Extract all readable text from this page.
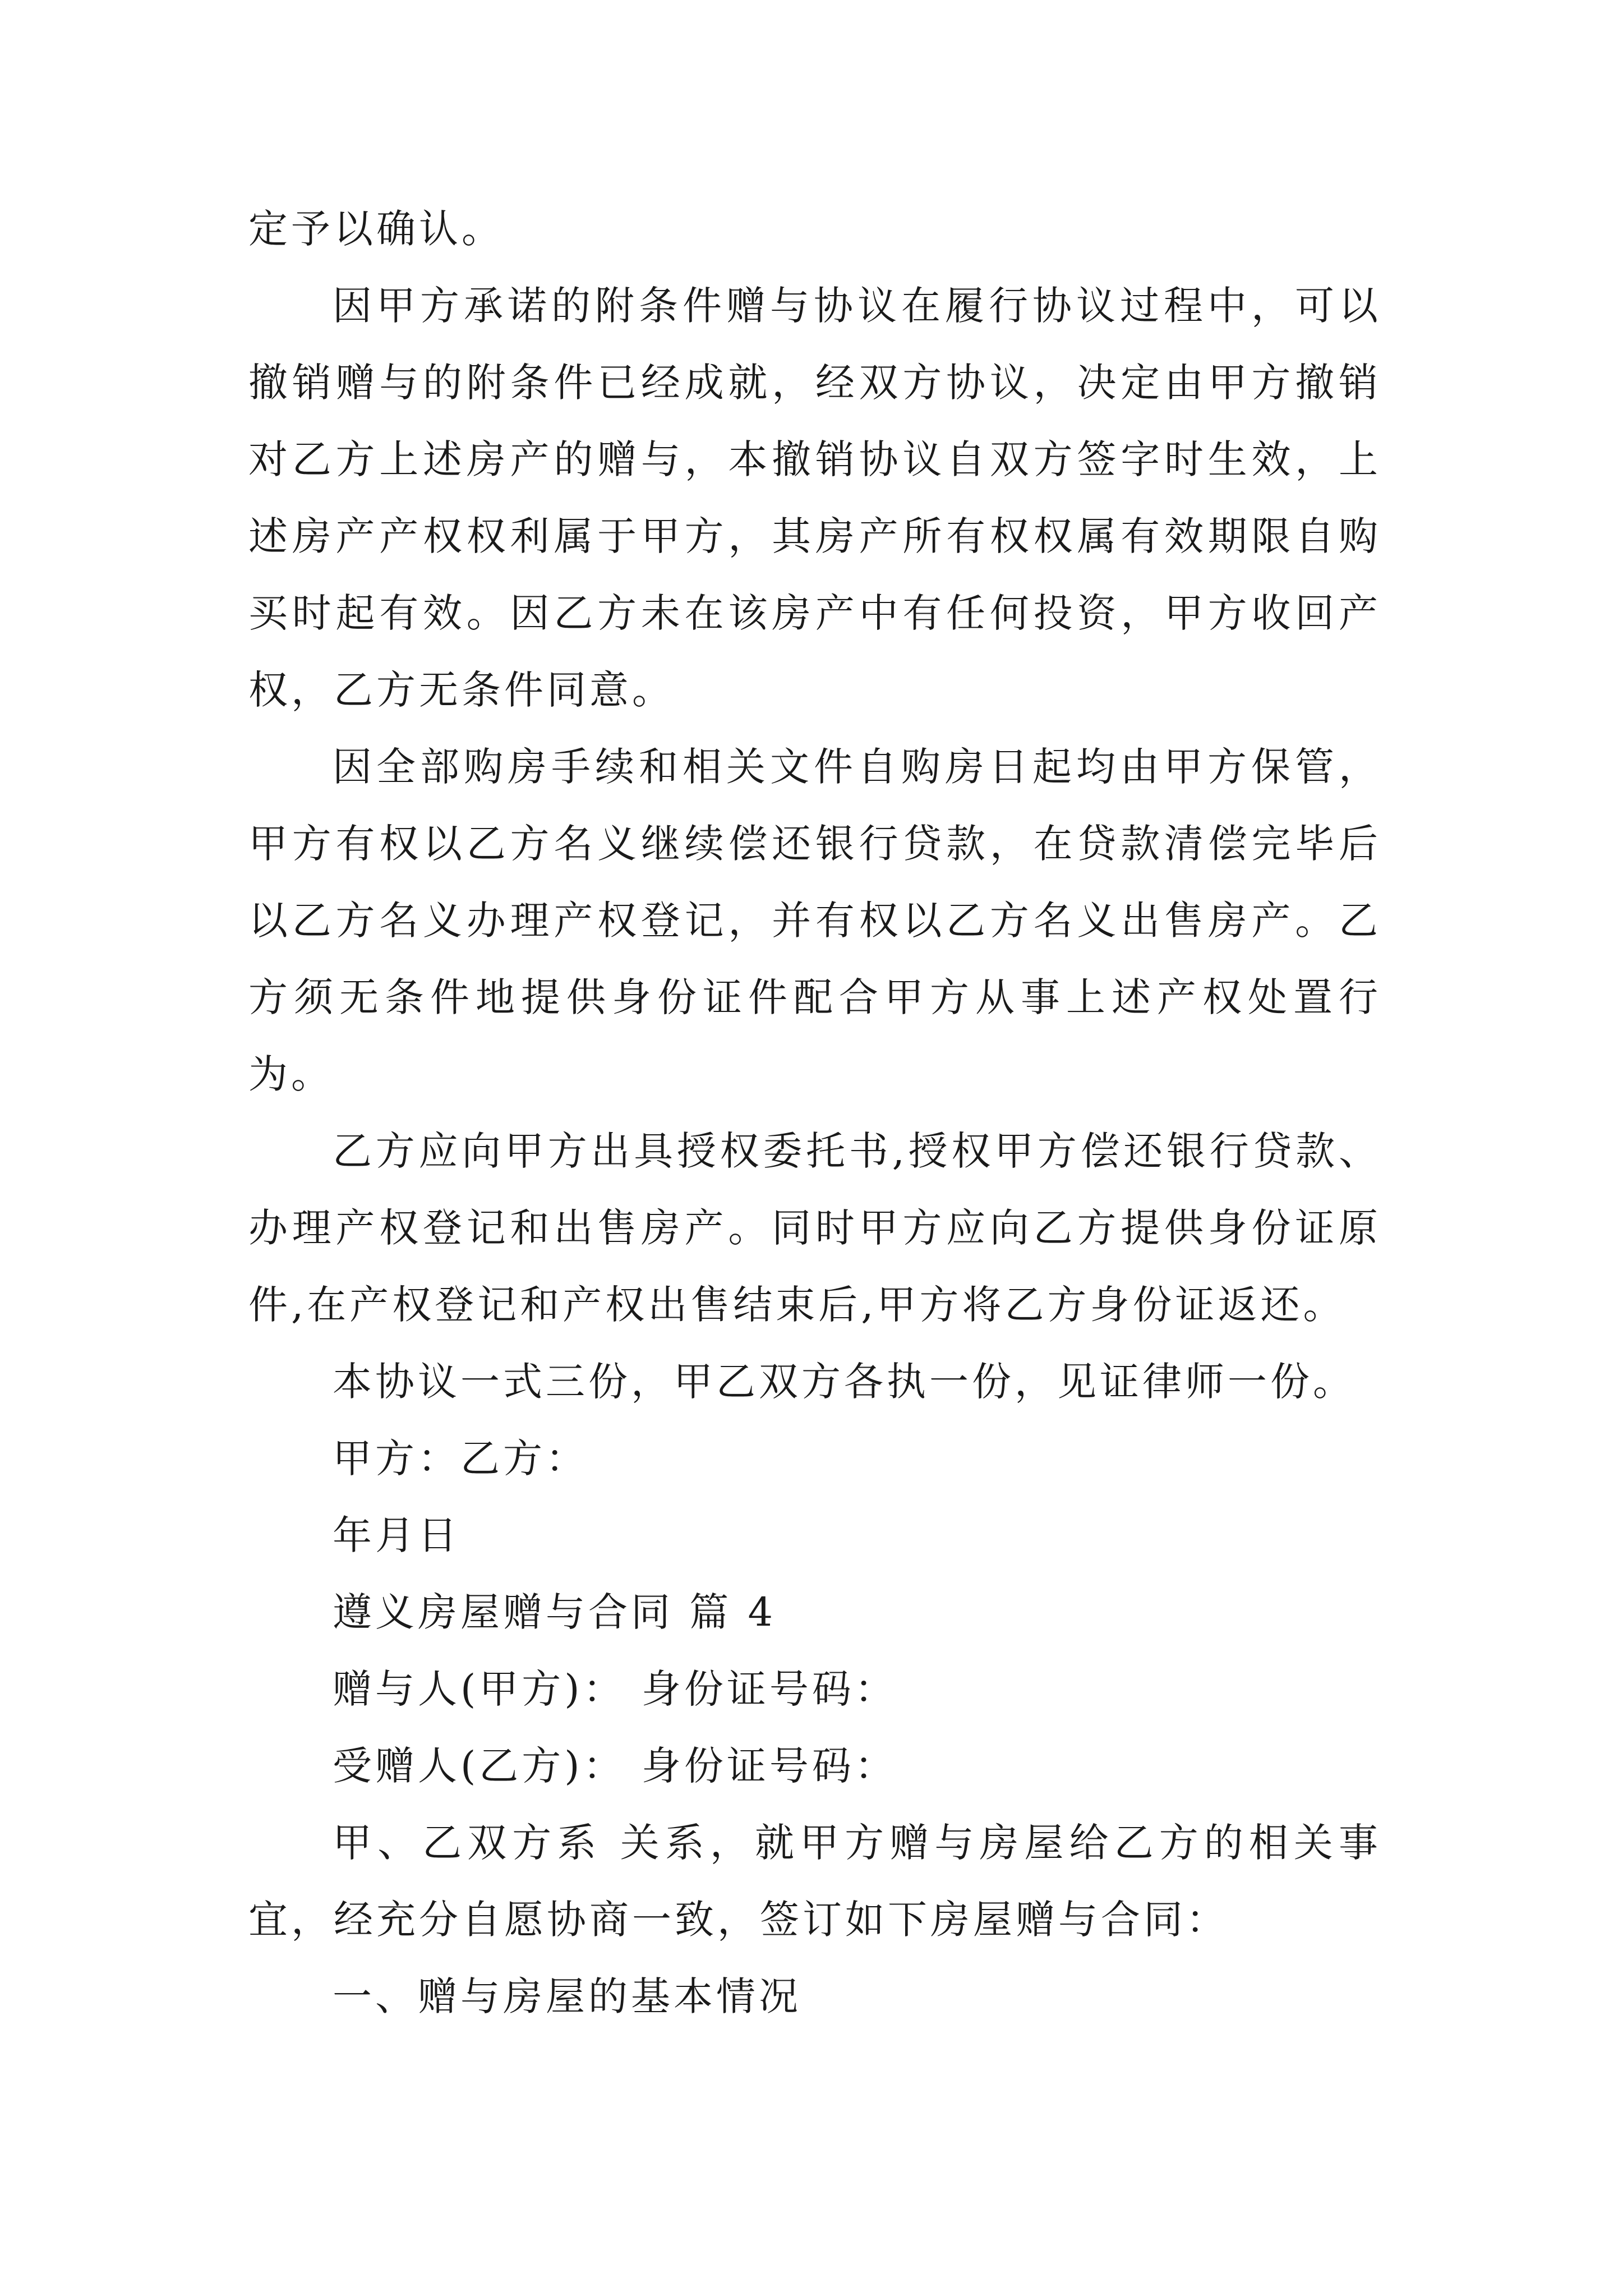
定予以确认。

因甲方承诺的附条件赠与协议在履行协议过程中，可以撤销赠与的附条件已经成就，经双方协议，决定由甲方撤销对乙方上述房产的赠与，本撤销协议自双方签字时生效，上述房产产权权利属于甲方，其房产所有权权属有效期限自购买时起有效。因乙方未在该房产中有任何投资，甲方收回产权，乙方无条件同意。

因全部购房手续和相关文件自购房日起均由甲方保管，甲方有权以乙方名义继续偿还银行贷款，在贷款清偿完毕后以乙方名义办理产权登记，并有权以乙方名义出售房产。乙方须无条件地提供身份证件配合甲方从事上述产权处置行为。

乙方应向甲方出具授权委托书,授权甲方偿还银行贷款、办理产权登记和出售房产。同时甲方应向乙方提供身份证原件,在产权登记和产权出售结束后,甲方将乙方身份证返还。

本协议一式三份，甲乙双方各执一份，见证律师一份。

甲方：乙方：

年月日

遵义房屋赠与合同 篇 4

赠与人(甲方)： 身份证号码：

受赠人(乙方)： 身份证号码：

甲、乙双方系 关系，就甲方赠与房屋给乙方的相关事宜，经充分自愿协商一致，签订如下房屋赠与合同：

一、赠与房屋的基本情况
